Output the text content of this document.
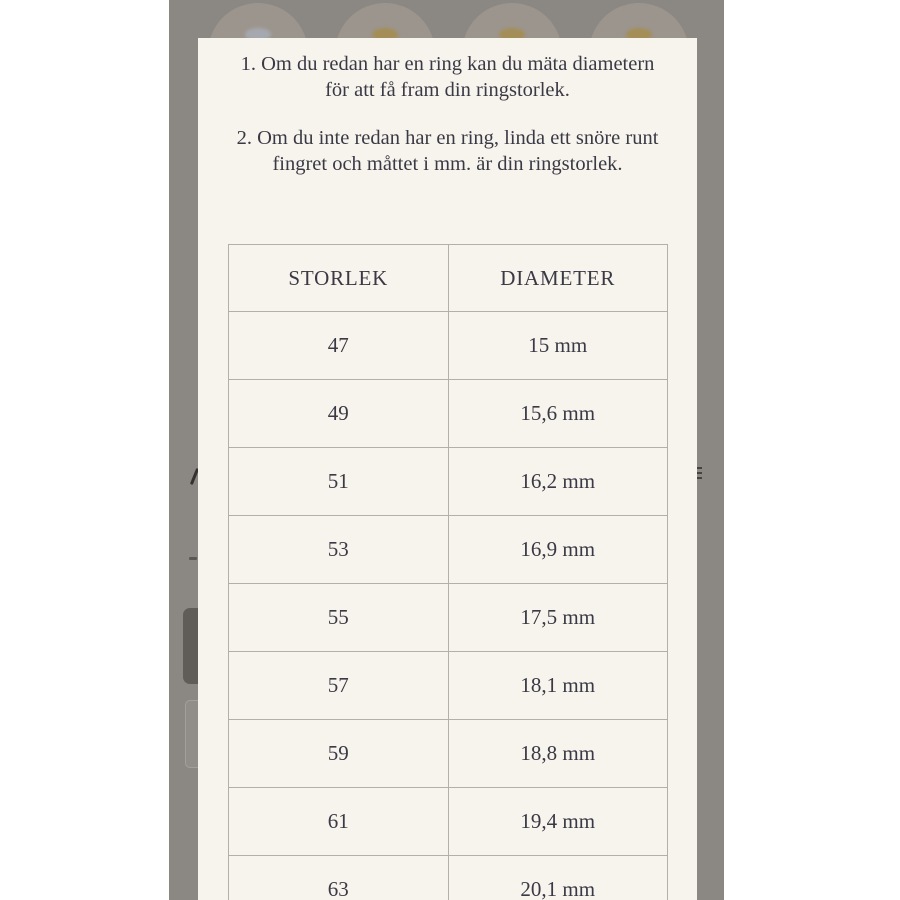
1. Om du redan har en ring kan du mäta diametern för att få fram din ringstorlek.

2. Om du inte redan har en ring, linda ett snöre runt fingret och måttet i mm. är din ringstorlek.

STORLEK	DIAMETER
47	15 mm
49	15,6 mm
51	16,2 mm
53	16,9 mm
55	17,5 mm
57	18,1 mm
59	18,8 mm
61	19,4 mm
63	20,1 mm
